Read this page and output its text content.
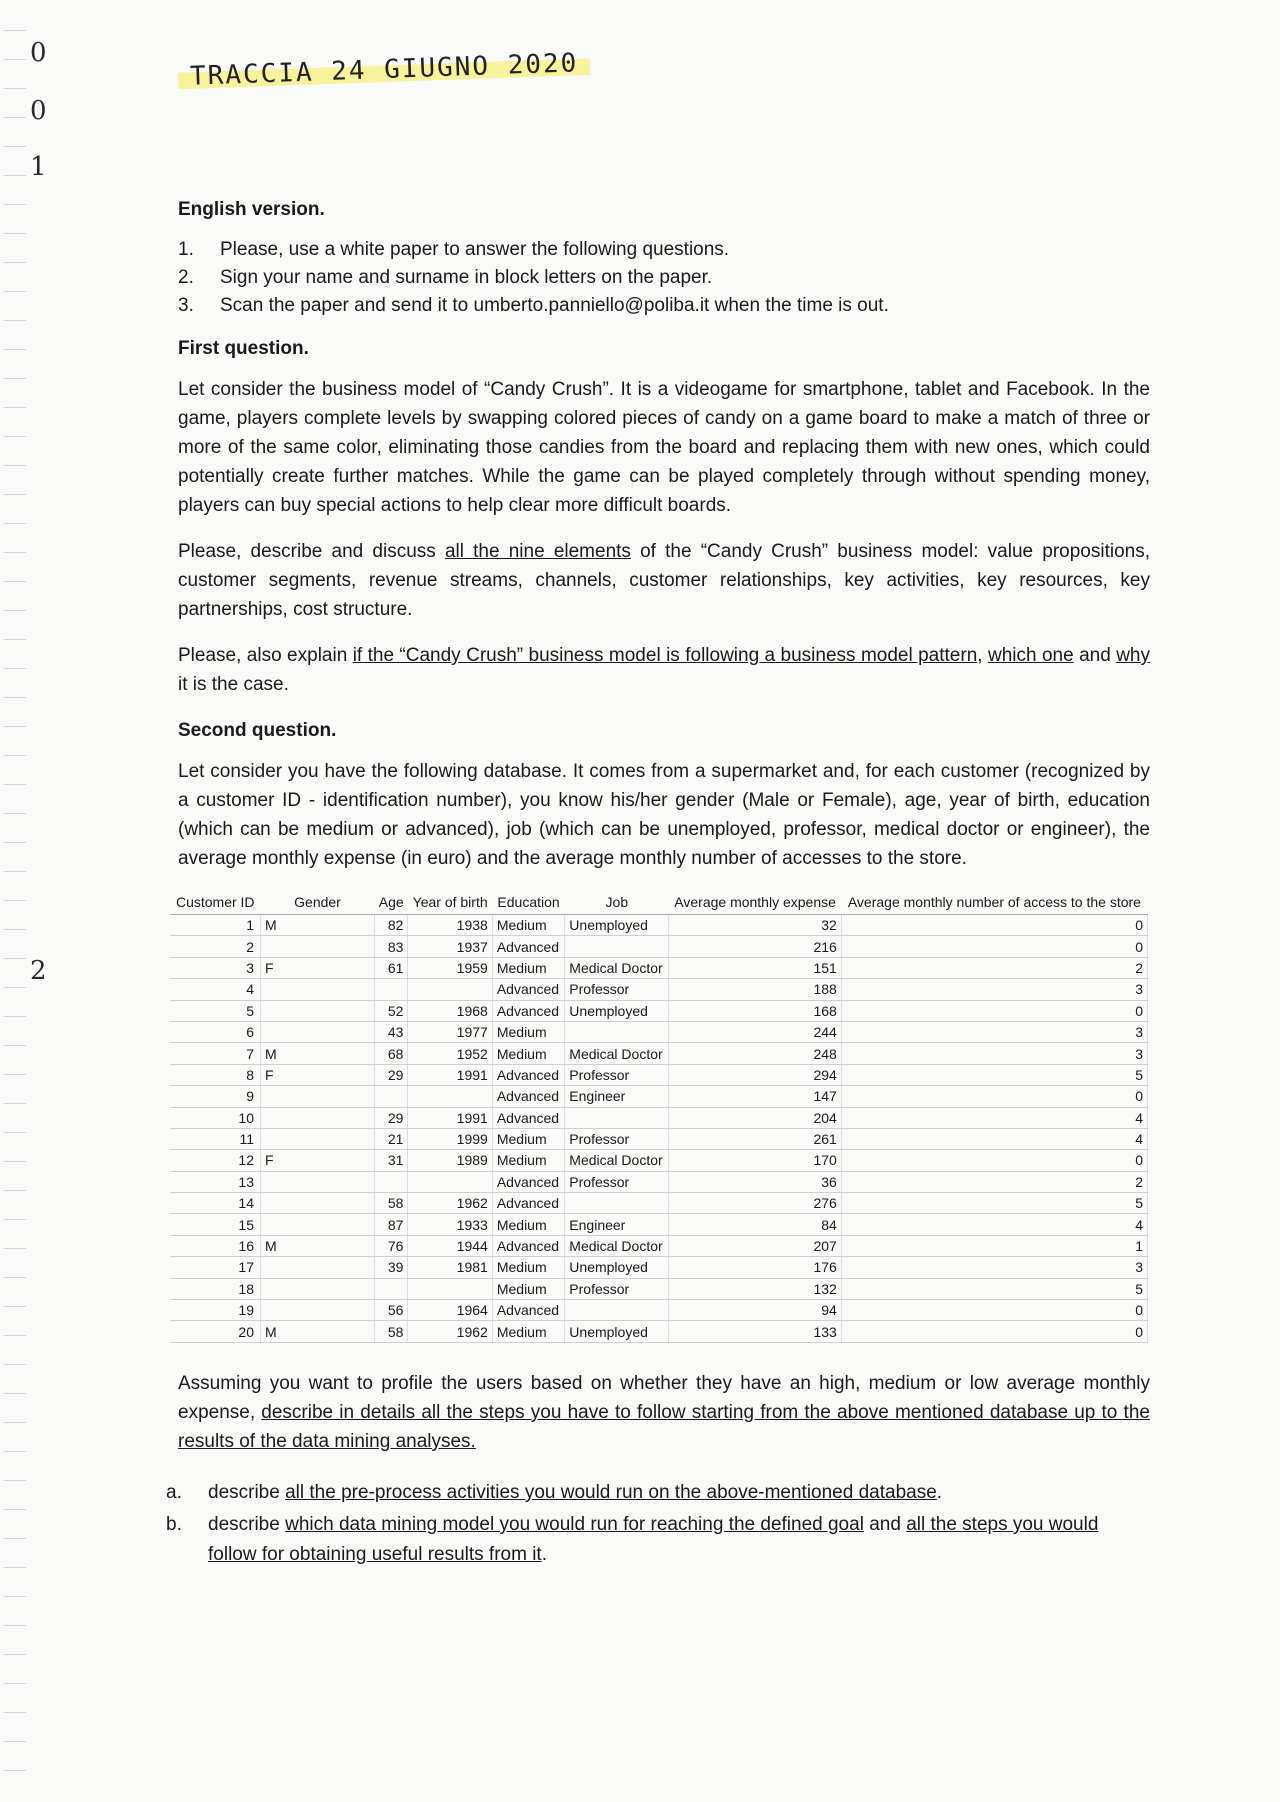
0
0
1
2
TRACCIA 24 GIUGNO 2020
English version.
1.	Please, use a white paper to answer the following questions.
2.	Sign your name and surname in block letters on the paper.
3.	Scan the paper and send it to umberto.panniello@poliba.it when the time is out.
First question.

Let consider the business model of “Candy Crush”. It is a videogame for smartphone, tablet and Facebook. In the game, players complete levels by swapping colored pieces of candy on a game board to make a match of three or more of the same color, eliminating those candies from the board and replacing them with new ones, which could potentially create further matches. While the game can be played completely through without spending money, players can buy special actions to help clear more difficult boards.

Please, describe and discuss all the nine elements of the “Candy Crush” business model: value propositions, customer segments, revenue streams, channels, customer relationships, key activities, key resources, key partnerships, cost structure.

Please, also explain if the “Candy Crush” business model is following a business model pattern, which one and why it is the case.

Second question.

Let consider you have the following database. It comes from a supermarket and, for each customer (recognized by a customer ID - identification number), you know his/her gender (Male or Female), age, year of birth, education (which can be medium or advanced), job (which can be unemployed, professor, medical doctor or engineer), the average monthly expense (in euro) and the average monthly number of accesses to the store.

Customer ID	Gender	Age	Year of birth	Education	Job	Average monthly expense	Average monthly number of access to the store
1	M	82	1938	Medium	Unemployed	32	0
2		83	1937	Advanced		216	0
3	F	61	1959	Medium	Medical Doctor	151	2
4				Advanced	Professor	188	3
5		52	1968	Advanced	Unemployed	168	0
6		43	1977	Medium		244	3
7	M	68	1952	Medium	Medical Doctor	248	3
8	F	29	1991	Advanced	Professor	294	5
9				Advanced	Engineer	147	0
10		29	1991	Advanced		204	4
11		21	1999	Medium	Professor	261	4
12	F	31	1989	Medium	Medical Doctor	170	0
13				Advanced	Professor	36	2
14		58	1962	Advanced		276	5
15		87	1933	Medium	Engineer	84	4
16	M	76	1944	Advanced	Medical Doctor	207	1
17		39	1981	Medium	Unemployed	176	3
18				Medium	Professor	132	5
19		56	1964	Advanced		94	0
20	M	58	1962	Medium	Unemployed	133	0

Assuming you want to profile the users based on whether they have an high, medium or low average monthly expense, describe in details all the steps you have to follow starting from the above mentioned database up to the results of the data mining analyses.

a.	describe all the pre-process activities you would run on the above-mentioned database.
b.	describe which data mining model you would run for reaching the defined goal and all the steps you would follow for obtaining useful results from it.
